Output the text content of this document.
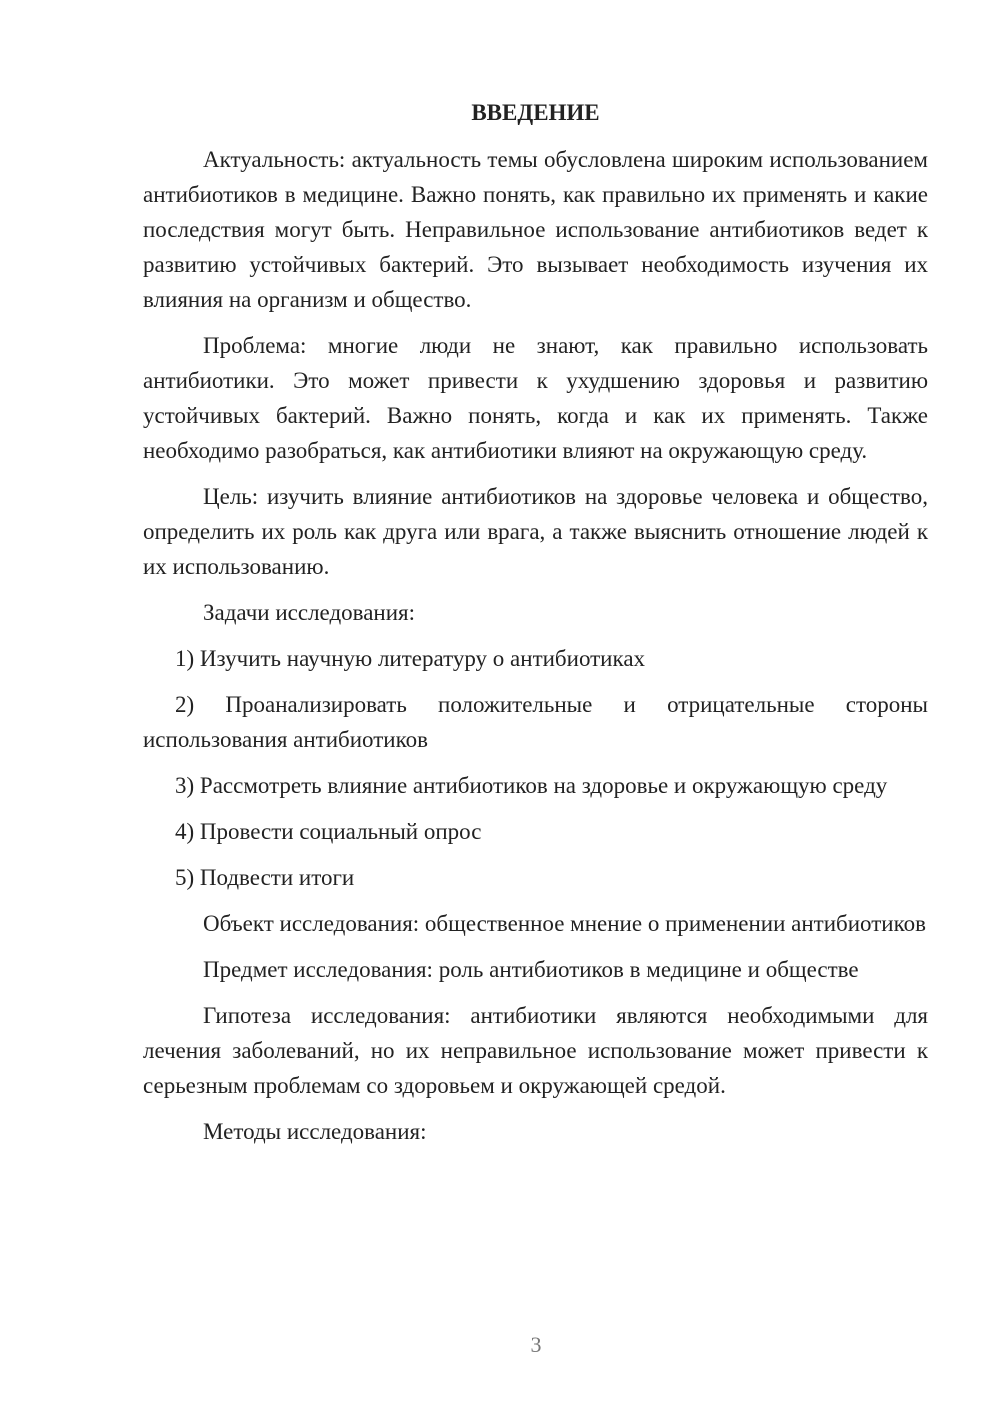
ВВЕДЕНИЕ

Актуальность: актуальность темы обусловлена широким использованием антибиотиков в медицине. Важно понять, как правильно их применять и какие последствия могут быть. Неправильное использование антибиотиков ведет к развитию устойчивых бактерий. Это вызывает необходимость изучения их влияния на организм и общество.

Проблема: многие люди не знают, как правильно использовать антибиотики. Это может привести к ухудшению здоровья и развитию устойчивых бактерий. Важно понять, когда и как их применять. Также необходимо разобраться, как антибиотики влияют на окружающую среду.

Цель: изучить влияние антибиотиков на здоровье человека и общество, определить их роль как друга или врага, а также выяснить отношение людей к их использованию.

Задачи исследования:

1) Изучить научную литературу о антибиотиках

2) Проанализировать положительные и отрицательные стороны использования антибиотиков

3) Рассмотреть влияние антибиотиков на здоровье и окружающую среду

4) Провести социальный опрос

5) Подвести итоги

Объект исследования: общественное мнение о применении антибиотиков

Предмет исследования: роль антибиотиков в медицине и обществе

Гипотеза исследования: антибиотики являются необходимыми для лечения заболеваний, но их неправильное использование может привести к серьезным проблемам со здоровьем и окружающей средой.

Методы исследования:

3
